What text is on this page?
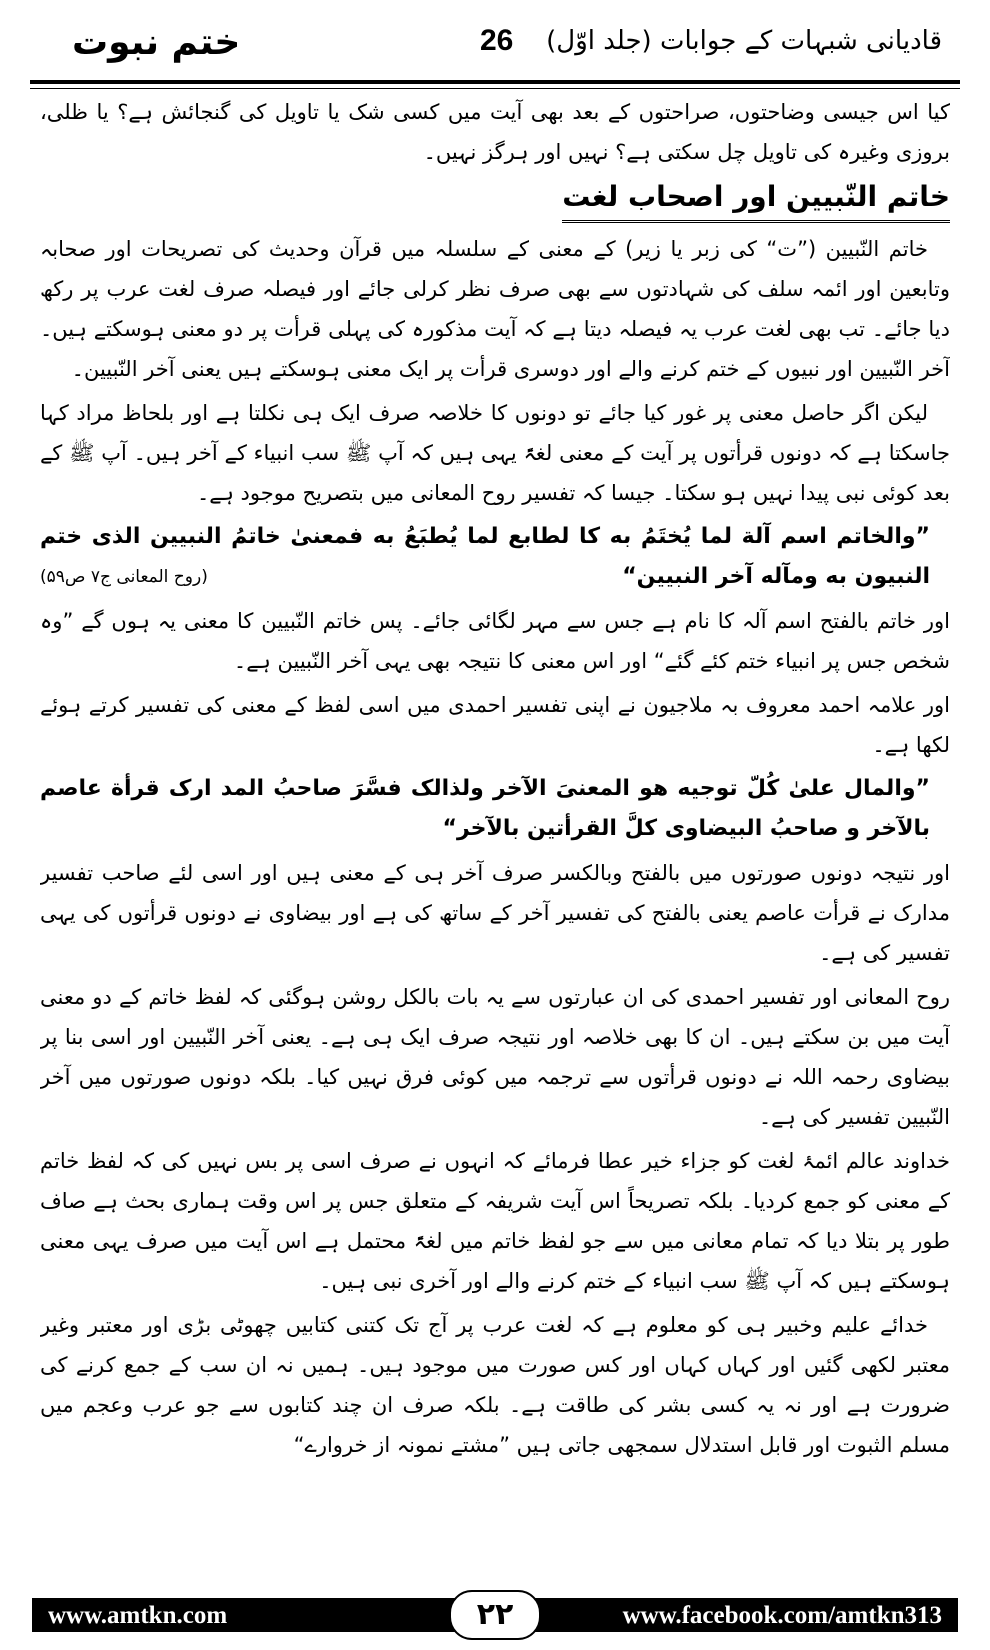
ختم نبوت	26 قادیانی شبہات کے جوابات (جلد اوّل)

کیا اس جیسی وضاحتوں، صراحتوں کے بعد بھی آیت میں کسی شک یا تاویل کی گنجائش ہے؟ یا ظلی، بروزی وغیرہ کی تاویل چل سکتی ہے؟ نہیں اور ہرگز نہیں۔

خاتم النّبیین اور اصحاب لغت

خاتم النّبیین (”ت“ کی زبر یا زیر) کے معنی کے سلسلہ میں قرآن وحدیث کی تصریحات اور صحابہ وتابعین اور ائمہ سلف کی شہادتوں سے بھی صرف نظر کرلی جائے اور فیصلہ صرف لغت عرب پر رکھ دیا جائے۔ تب بھی لغت عرب یہ فیصلہ دیتا ہے کہ آیت مذکورہ کی پہلی قرأت پر دو معنی ہوسکتے ہیں۔ آخر النّبیین اور نبیوں کے ختم کرنے والے اور دوسری قرأت پر ایک معنی ہوسکتے ہیں یعنی آخر النّبیین۔

لیکن اگر حاصل معنی پر غور کیا جائے تو دونوں کا خلاصہ صرف ایک ہی نکلتا ہے اور بلحاظ مراد کہا جاسکتا ہے کہ دونوں قرأتوں پر آیت کے معنی لغۃً یہی ہیں کہ آپ ﷺ سب انبیاء کے آخر ہیں۔ آپ ﷺ کے بعد کوئی نبی پیدا نہیں ہو سکتا۔ جیسا کہ تفسیر روح المعانی میں بتصریح موجود ہے۔

”والخاتم اسم آلة لما یُختَمُ به کا لطابع لما یُطبَعُ به فمعنیٰ خاتمُ النبیین الذی ختم النبیون به ومآله آخر النبیین“
(روح المعانی ج۷ ص۵۹)

اور خاتم بالفتح اسم آلہ کا نام ہے جس سے مہر لگائی جائے۔ پس خاتم النّبیین کا معنی یہ ہوں گے ”وہ شخص جس پر انبیاء ختم کئے گئے“ اور اس معنی کا نتیجہ بھی یہی آخر النّبیین ہے۔

اور علامہ احمد معروف بہ ملاجیون نے اپنی تفسیر احمدی میں اسی لفظ کے معنی کی تفسیر کرتے ہوئے لکھا ہے۔

”والمال علیٰ کُلّ توجیه هو المعنیَ الآخر ولذالک فسَّرَ صاحبُ المد ارک قرأة عاصم بالآخر و صاحبُ البیضاوی کلَّ القرأتین بالآخر“

اور نتیجہ دونوں صورتوں میں بالفتح وبالکسر صرف آخر ہی کے معنی ہیں اور اسی لئے صاحب تفسیر مدارک نے قرأت عاصم یعنی بالفتح کی تفسیر آخر کے ساتھ کی ہے اور بیضاوی نے دونوں قرأتوں کی یہی تفسیر کی ہے۔

روح المعانی اور تفسیر احمدی کی ان عبارتوں سے یہ بات بالکل روشن ہوگئی کہ لفظ خاتم کے دو معنی آیت میں بن سکتے ہیں۔ ان کا بھی خلاصہ اور نتیجہ صرف ایک ہی ہے۔ یعنی آخر النّبیین اور اسی بنا پر بیضاوی رحمہ اللہ نے دونوں قرأتوں سے ترجمہ میں کوئی فرق نہیں کیا۔ بلکہ دونوں صورتوں میں آخر النّبیین تفسیر کی ہے۔

خداوند عالم ائمۂ لغت کو جزاء خیر عطا فرمائے کہ انہوں نے صرف اسی پر بس نہیں کی کہ لفظ خاتم کے معنی کو جمع کردیا۔ بلکہ تصریحاً اس آیت شریفہ کے متعلق جس پر اس وقت ہماری بحث ہے صاف طور پر بتلا دیا کہ تمام معانی میں سے جو لفظ خاتم میں لغۃً محتمل ہے اس آیت میں صرف یہی معنی ہوسکتے ہیں کہ آپ ﷺ سب انبیاء کے ختم کرنے والے اور آخری نبی ہیں۔

خدائے علیم وخبیر ہی کو معلوم ہے کہ لغت عرب پر آج تک کتنی کتابیں چھوٹی بڑی اور معتبر وغیر معتبر لکھی گئیں اور کہاں کہاں اور کس صورت میں موجود ہیں۔ ہمیں نہ ان سب کے جمع کرنے کی ضرورت ہے اور نہ یہ کسی بشر کی طاقت ہے۔ بلکہ صرف ان چند کتابوں سے جو عرب وعجم میں مسلم الثبوت اور قابل استدلال سمجھی جاتی ہیں ”مشتے نمونہ از خروارے“

www.amtkn.com	۲۲	www.facebook.com/amtkn313
